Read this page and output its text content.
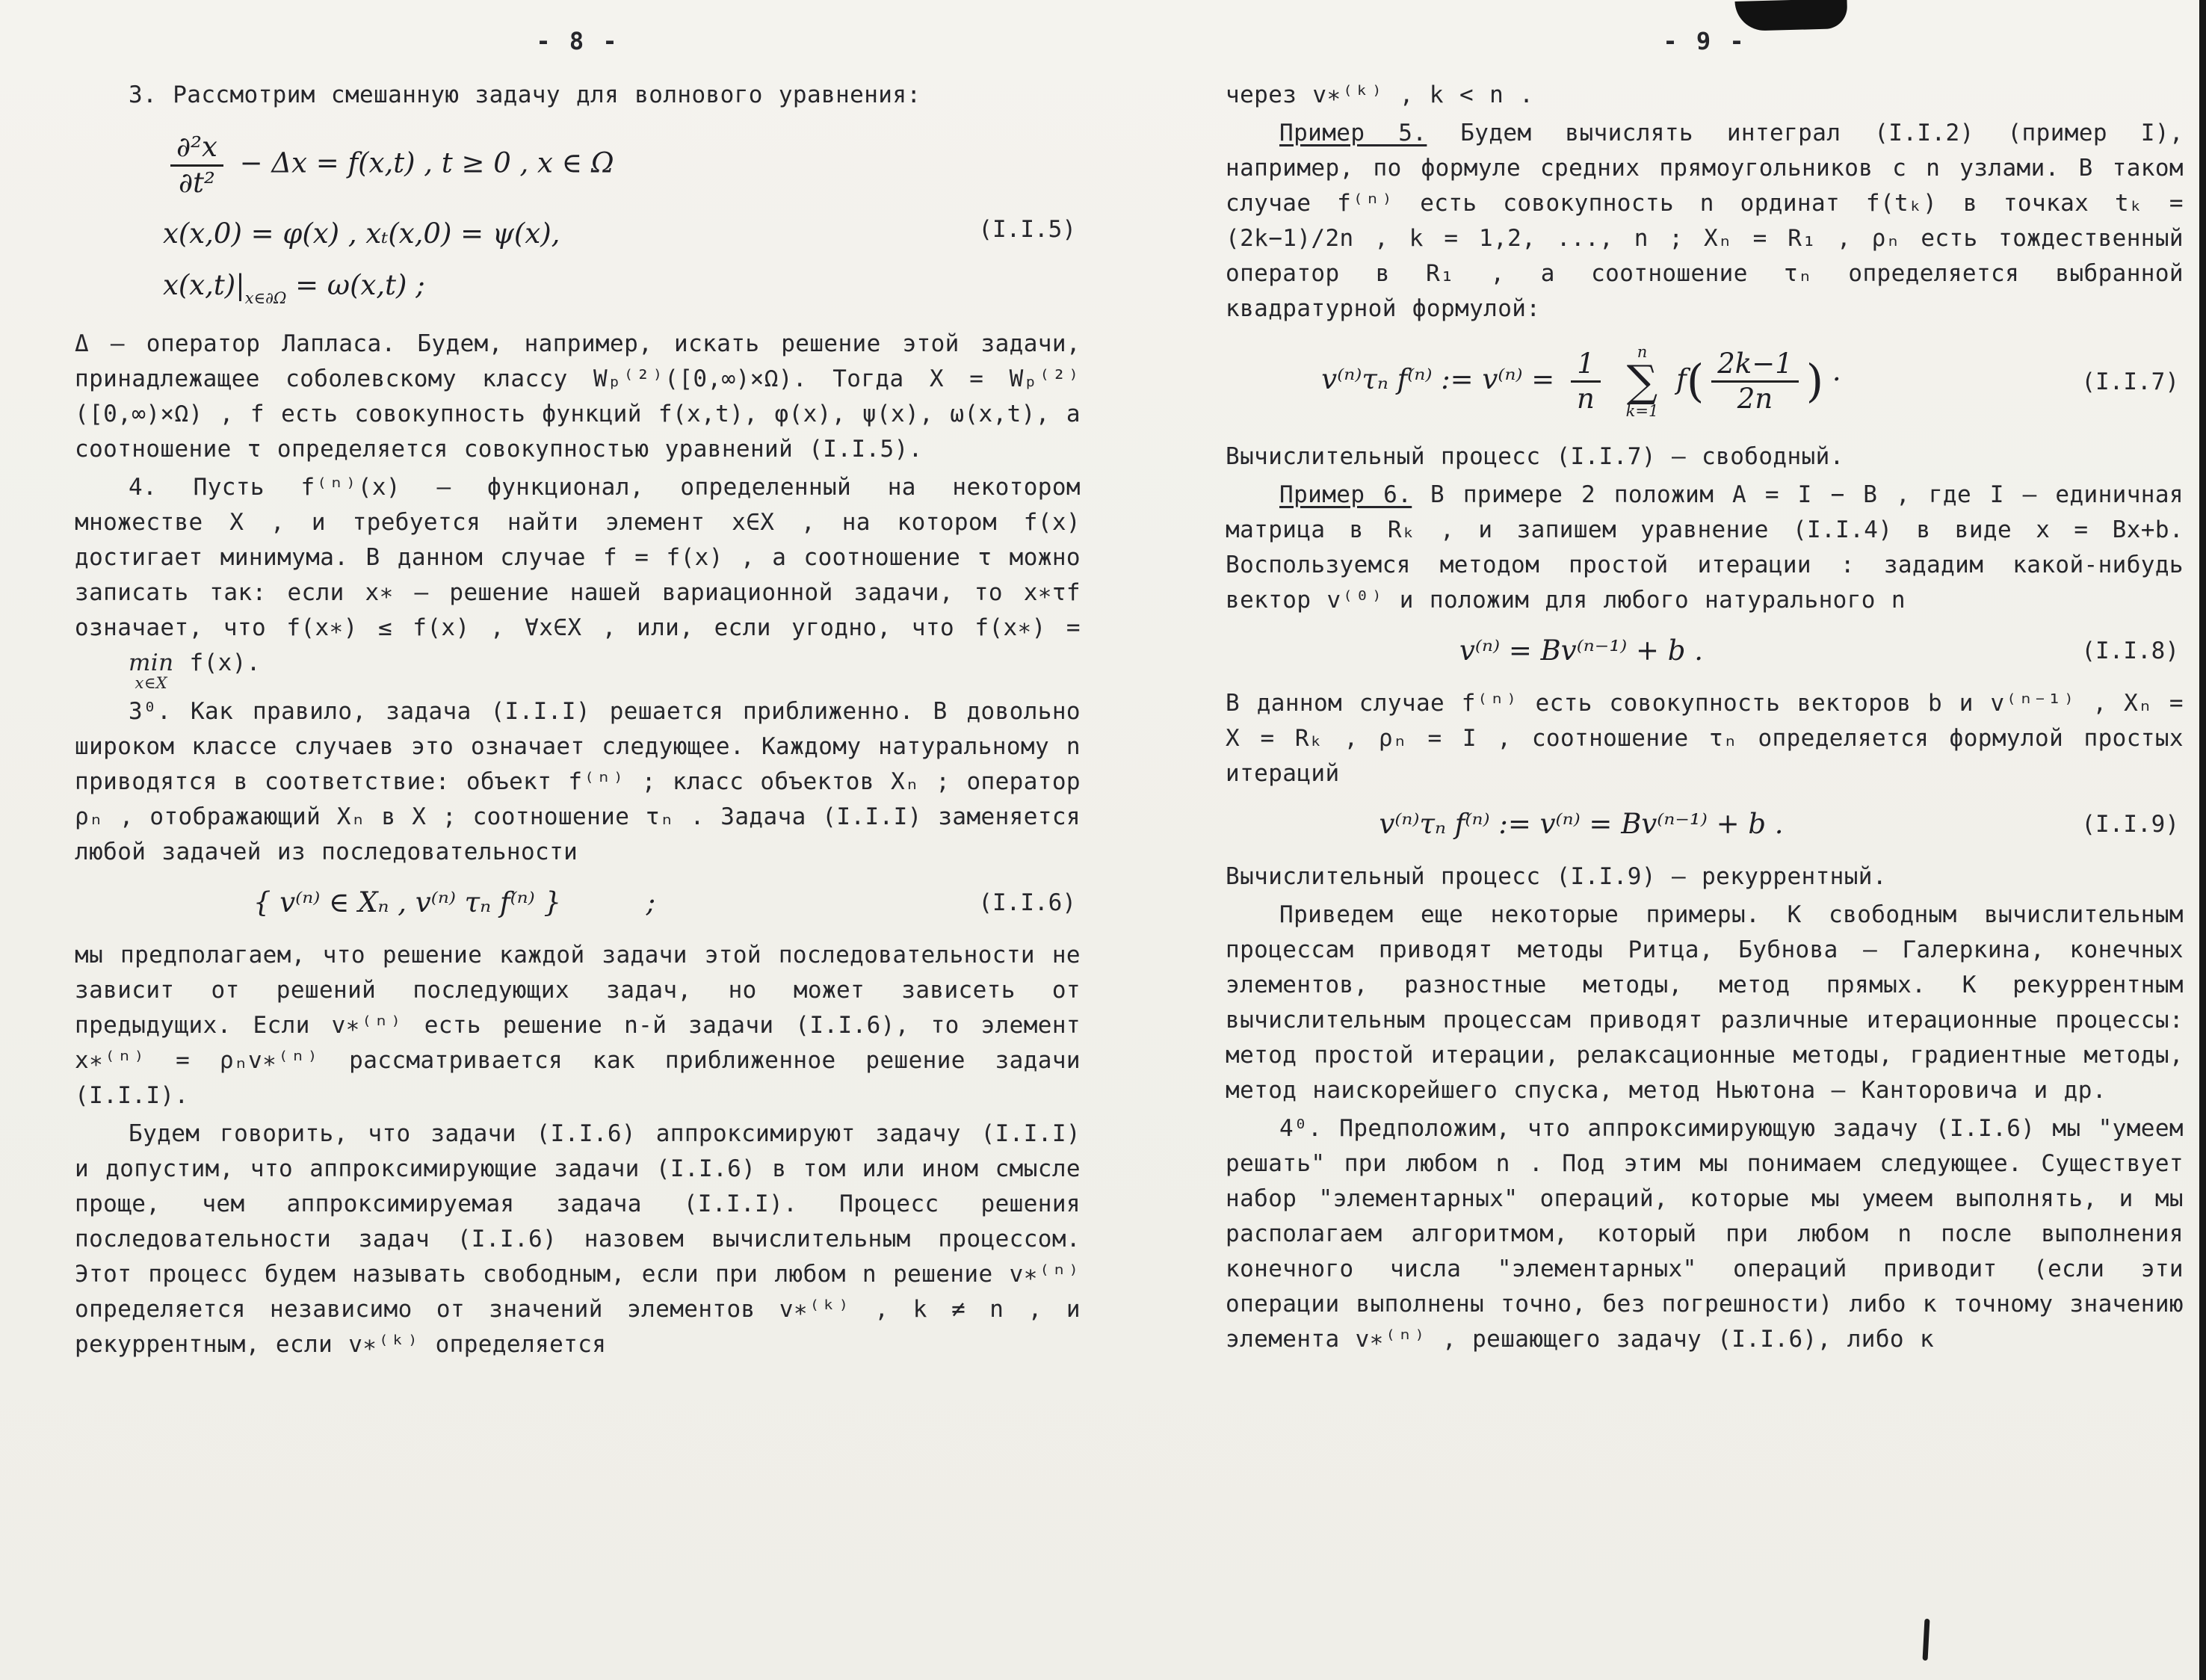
- 8 -

3. Рассмотрим смешанную задачу для волнового уравнения:

$\frac{\text{∂²x}}{\text{∂t²}} - \Delta x = f(x,t)$ , t ≥ 0 , x ∈ Ω
x(x,0) = φ(x) , xₜ(x,0) = ψ(x),
$x(x,t)|_{x\in\partial\Omega} = \omega(x,t)$ ;
(I.I.5)

Δ – оператор Лапласа. Будем, например, искать решение этой задачи, принадлежащее соболевскому классу Wₚ⁽²⁾([0,∞)×Ω). Тогда X = Wₚ⁽²⁾([0,∞)×Ω) , f есть совокупность функций f(x,t), φ(x), ψ(x), ω(x,t), а соотношение τ определяется совокупностью уравнений (I.I.5).

4. Пусть f⁽ⁿ⁾(x) – функционал, определенный на некотором множестве X , и требуется найти элемент x∈X , на котором f(x) достигает минимума. В данном случае f = f(x) , а соотношение τ можно записать так: если x∗ – решение нашей вариационной задачи, то x∗τf означает, что f(x∗) ≤ f(x) , ∀x∈X , или, если угодно, что f(x∗) =
min
x∈X
f(x).

3⁰. Как правило, задача (I.I.I) решается приближенно. В довольно широком классе случаев это означает следующее. Каждому натуральному n приводятся в соответствие: объект f⁽ⁿ⁾ ; класс объектов Xₙ ; оператор ρₙ , отображающий Xₙ в X ; соотношение τₙ . Задача (I.I.I) заменяется любой задачей из последовательности

{ v⁽ⁿ⁾ ∈ Xₙ , v⁽ⁿ⁾ τₙ f⁽ⁿ⁾ }	;	(I.I.6)

мы предполагаем, что решение каждой задачи этой последовательности не зависит от решений последующих задач, но может зависеть от предыдущих. Если v∗⁽ⁿ⁾ есть решение n-й задачи (I.I.6), то элемент x∗⁽ⁿ⁾ = ρₙv∗⁽ⁿ⁾ рассматривается как приближенное решение задачи (I.I.I).

Будем говорить, что задачи (I.I.6) аппроксимируют задачу (I.I.I) и допустим, что аппроксимирующие задачи (I.I.6) в том или ином смысле проще, чем аппроксимируемая задача (I.I.I). Процесс решения последовательности задач (I.I.6) назовем вычислительным процессом. Этот процесс будем называть свободным, если при любом n решение v∗⁽ⁿ⁾ определяется независимо от значений элементов v∗⁽ᵏ⁾ , k ≠ n , и рекуррентным, если v∗⁽ᵏ⁾ определяется

- 9 -

через v∗⁽ᵏ⁾ , k < n .

Пример 5. Будем вычислять интеграл (I.I.2) (пример I), например, по формуле средних прямоугольников с n узлами. В таком случае f⁽ⁿ⁾ есть совокупность n ординат f(tₖ) в точках tₖ = (2k−1)/2n , k = 1,2, ..., n ; Xₙ = R₁ , ρₙ есть тождественный оператор в R₁ , а соотношение τₙ определяется выбранной квадратурной формулой:

v⁽ⁿ⁾τₙ f⁽ⁿ⁾ := $v^{(n)} = \frac{1}{n}$
n
∑
k=1
$f( \frac{2k-1}{2n}$ ) ·	(I.I.7)

Вычислительный процесс (I.I.7) – свободный.

Пример 6. В примере 2 положим A = I − B , где I – единичная матрица в Rₖ , и запишем уравнение (I.I.4) в виде x = Bx+b. Воспользуемся методом простой итерации : зададим какой-нибудь вектор v⁽⁰⁾ и положим для любого натурального n

v⁽ⁿ⁾ = Bv⁽ⁿ⁻¹⁾ + b .	(I.I.8)

В данном случае f⁽ⁿ⁾ есть совокупность векторов b и v⁽ⁿ⁻¹⁾ , Xₙ = X = Rₖ , ρₙ = I , соотношение τₙ определяется формулой простых итераций

v⁽ⁿ⁾τₙ f⁽ⁿ⁾ := v⁽ⁿ⁾ = Bv⁽ⁿ⁻¹⁾ + b .	(I.I.9)

Вычислительный процесс (I.I.9) – рекуррентный.

Приведем еще некоторые примеры. К свободным вычислительным процессам приводят методы Ритца, Бубнова – Галеркина, конечных элементов, разностные методы, метод прямых. К рекуррентным вычислительным процессам приводят различные итерационные процессы: метод простой итерации, релаксационные методы, градиентные методы, метод наискорейшего спуска, метод Ньютона – Канторовича и др.

4⁰. Предположим, что аппроксимирующую задачу (I.I.6) мы "умеем решать" при любом n . Под этим мы понимаем следующее. Существует набор "элементарных" операций, которые мы умеем выполнять, и мы располагаем алгоритмом, который при любом n после выполнения конечного числа "элементарных" операций приводит (если эти операции выполнены точно, без погрешности) либо к точному значению элемента v∗⁽ⁿ⁾ , решающего задачу (I.I.6), либо к
